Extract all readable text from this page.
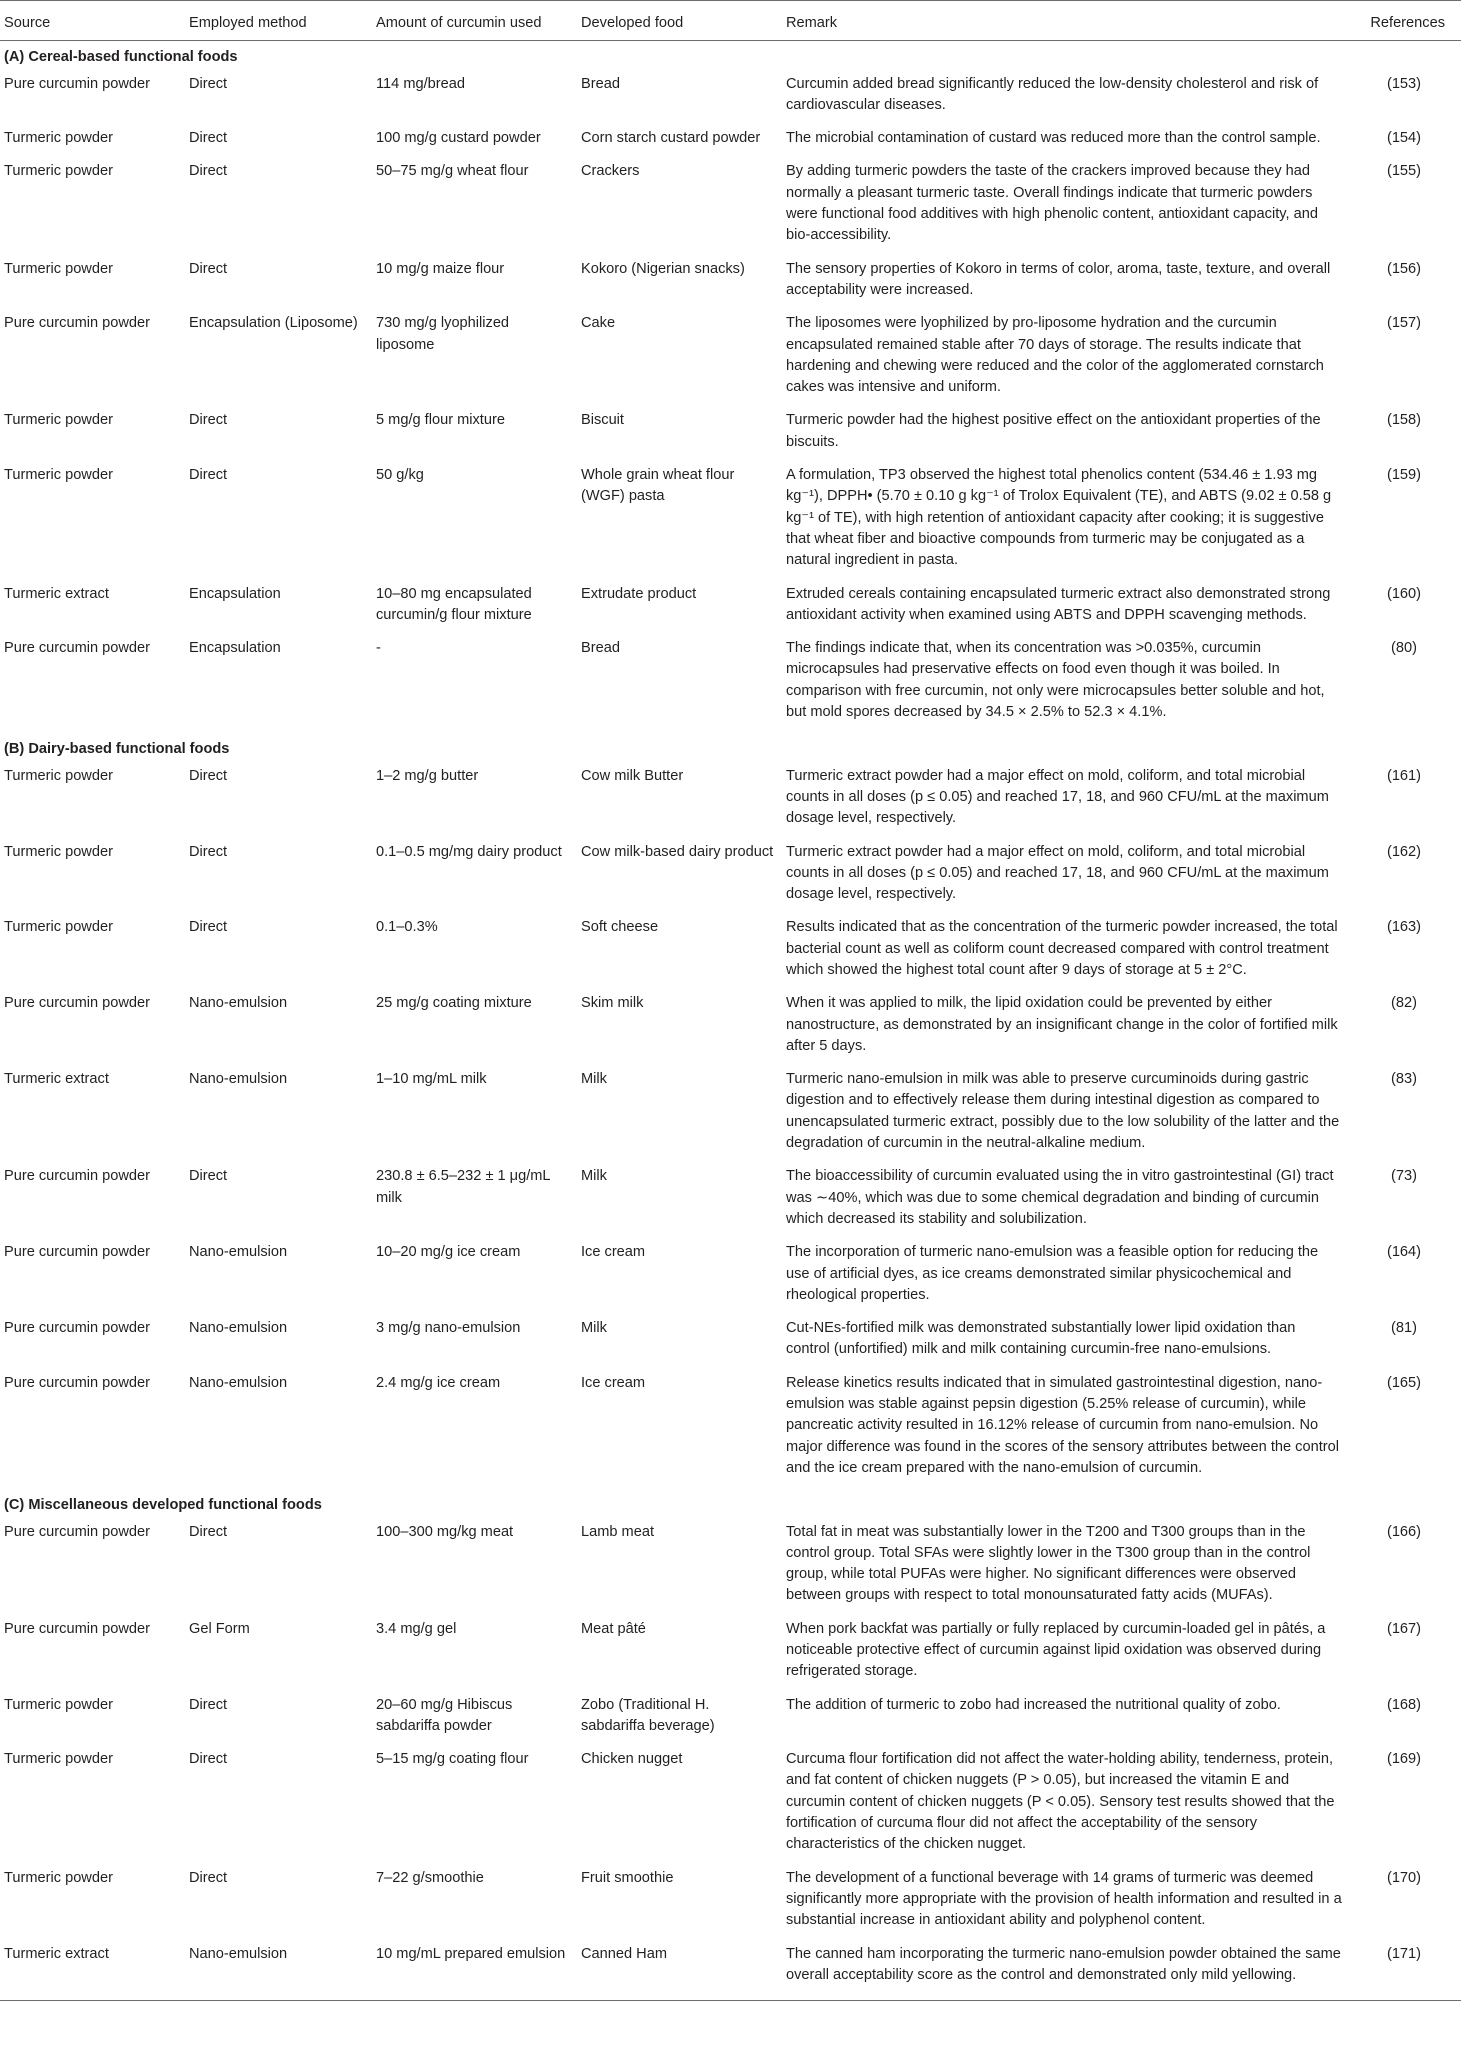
Source	Employed method	Amount of curcumin used	Developed food	Remark	References
(A) Cereal-based functional foods					
Pure curcumin powder	Direct	114 mg/bread	Bread	Curcumin added bread significantly reduced the low-density cholesterol and risk of cardiovascular diseases.	(153)
Turmeric powder	Direct	100 mg/g custard powder	Corn starch custard powder	The microbial contamination of custard was reduced more than the control sample.	(154)
Turmeric powder	Direct	50–75 mg/g wheat flour	Crackers	By adding turmeric powders the taste of the crackers improved because they had normally a pleasant turmeric taste. Overall findings indicate that turmeric powders were functional food additives with high phenolic content, antioxidant capacity, and bio-accessibility.	(155)
Turmeric powder	Direct	10 mg/g maize flour	Kokoro (Nigerian snacks)	The sensory properties of Kokoro in terms of color, aroma, taste, texture, and overall acceptability were increased.	(156)
Pure curcumin powder	Encapsulation (Liposome)	730 mg/g lyophilized liposome	Cake	The liposomes were lyophilized by pro-liposome hydration and the curcumin encapsulated remained stable after 70 days of storage. The results indicate that hardening and chewing were reduced and the color of the agglomerated cornstarch cakes was intensive and uniform.	(157)
Turmeric powder	Direct	5 mg/g flour mixture	Biscuit	Turmeric powder had the highest positive effect on the antioxidant properties of the biscuits.	(158)
Turmeric powder	Direct	50 g/kg	Whole grain wheat flour (WGF) pasta	A formulation, TP3 observed the highest total phenolics content (534.46 ± 1.93 mg kg⁻¹), DPPH• (5.70 ± 0.10 g kg⁻¹ of Trolox Equivalent (TE), and ABTS (9.02 ± 0.58 g kg⁻¹ of TE), with high retention of antioxidant capacity after cooking; it is suggestive that wheat fiber and bioactive compounds from turmeric may be conjugated as a natural ingredient in pasta.	(159)
Turmeric extract	Encapsulation	10–80 mg encapsulated curcumin/g flour mixture	Extrudate product	Extruded cereals containing encapsulated turmeric extract also demonstrated strong antioxidant activity when examined using ABTS and DPPH scavenging methods.	(160)
Pure curcumin powder	Encapsulation	-	Bread	The findings indicate that, when its concentration was >0.035%, curcumin microcapsules had preservative effects on food even though it was boiled. In comparison with free curcumin, not only were microcapsules better soluble and hot, but mold spores decreased by 34.5 × 2.5% to 52.3 × 4.1%.	(80)
(B) Dairy-based functional foods					
Turmeric powder	Direct	1–2 mg/g butter	Cow milk Butter	Turmeric extract powder had a major effect on mold, coliform, and total microbial counts in all doses (p ≤ 0.05) and reached 17, 18, and 960 CFU/mL at the maximum dosage level, respectively.	(161)
Turmeric powder	Direct	0.1–0.5 mg/mg dairy product	Cow milk-based dairy product	Turmeric extract powder had a major effect on mold, coliform, and total microbial counts in all doses (p ≤ 0.05) and reached 17, 18, and 960 CFU/mL at the maximum dosage level, respectively.	(162)
Turmeric powder	Direct	0.1–0.3%	Soft cheese	Results indicated that as the concentration of the turmeric powder increased, the total bacterial count as well as coliform count decreased compared with control treatment which showed the highest total count after 9 days of storage at 5 ± 2°C.	(163)
Pure curcumin powder	Nano-emulsion	25 mg/g coating mixture	Skim milk	When it was applied to milk, the lipid oxidation could be prevented by either nanostructure, as demonstrated by an insignificant change in the color of fortified milk after 5 days.	(82)
Turmeric extract	Nano-emulsion	1–10 mg/mL milk	Milk	Turmeric nano-emulsion in milk was able to preserve curcuminoids during gastric digestion and to effectively release them during intestinal digestion as compared to unencapsulated turmeric extract, possibly due to the low solubility of the latter and the degradation of curcumin in the neutral-alkaline medium.	(83)
Pure curcumin powder	Direct	230.8 ± 6.5–232 ± 1 μg/mL milk	Milk	The bioaccessibility of curcumin evaluated using the in vitro gastrointestinal (GI) tract was ∼40%, which was due to some chemical degradation and binding of curcumin which decreased its stability and solubilization.	(73)
Pure curcumin powder	Nano-emulsion	10–20 mg/g ice cream	Ice cream	The incorporation of turmeric nano-emulsion was a feasible option for reducing the use of artificial dyes, as ice creams demonstrated similar physicochemical and rheological properties.	(164)
Pure curcumin powder	Nano-emulsion	3 mg/g nano-emulsion	Milk	Cut-NEs-fortified milk was demonstrated substantially lower lipid oxidation than control (unfortified) milk and milk containing curcumin-free nano-emulsions.	(81)
Pure curcumin powder	Nano-emulsion	2.4 mg/g ice cream	Ice cream	Release kinetics results indicated that in simulated gastrointestinal digestion, nano-emulsion was stable against pepsin digestion (5.25% release of curcumin), while pancreatic activity resulted in 16.12% release of curcumin from nano-emulsion. No major difference was found in the scores of the sensory attributes between the control and the ice cream prepared with the nano-emulsion of curcumin.	(165)
(C) Miscellaneous developed functional foods					
Pure curcumin powder	Direct	100–300 mg/kg meat	Lamb meat	Total fat in meat was substantially lower in the T200 and T300 groups than in the control group. Total SFAs were slightly lower in the T300 group than in the control group, while total PUFAs were higher. No significant differences were observed between groups with respect to total monounsaturated fatty acids (MUFAs).	(166)
Pure curcumin powder	Gel Form	3.4 mg/g gel	Meat pâté	When pork backfat was partially or fully replaced by curcumin-loaded gel in pâtés, a noticeable protective effect of curcumin against lipid oxidation was observed during refrigerated storage.	(167)
Turmeric powder	Direct	20–60 mg/g Hibiscus sabdariffa powder	Zobo (Traditional H. sabdariffa beverage)	The addition of turmeric to zobo had increased the nutritional quality of zobo.	(168)
Turmeric powder	Direct	5–15 mg/g coating flour	Chicken nugget	Curcuma flour fortification did not affect the water-holding ability, tenderness, protein, and fat content of chicken nuggets (P > 0.05), but increased the vitamin E and curcumin content of chicken nuggets (P < 0.05). Sensory test results showed that the fortification of curcuma flour did not affect the acceptability of the sensory characteristics of the chicken nugget.	(169)
Turmeric powder	Direct	7–22 g/smoothie	Fruit smoothie	The development of a functional beverage with 14 grams of turmeric was deemed significantly more appropriate with the provision of health information and resulted in a substantial increase in antioxidant ability and polyphenol content.	(170)
Turmeric extract	Nano-emulsion	10 mg/mL prepared emulsion	Canned Ham	The canned ham incorporating the turmeric nano-emulsion powder obtained the same overall acceptability score as the control and demonstrated only mild yellowing.	(171)
